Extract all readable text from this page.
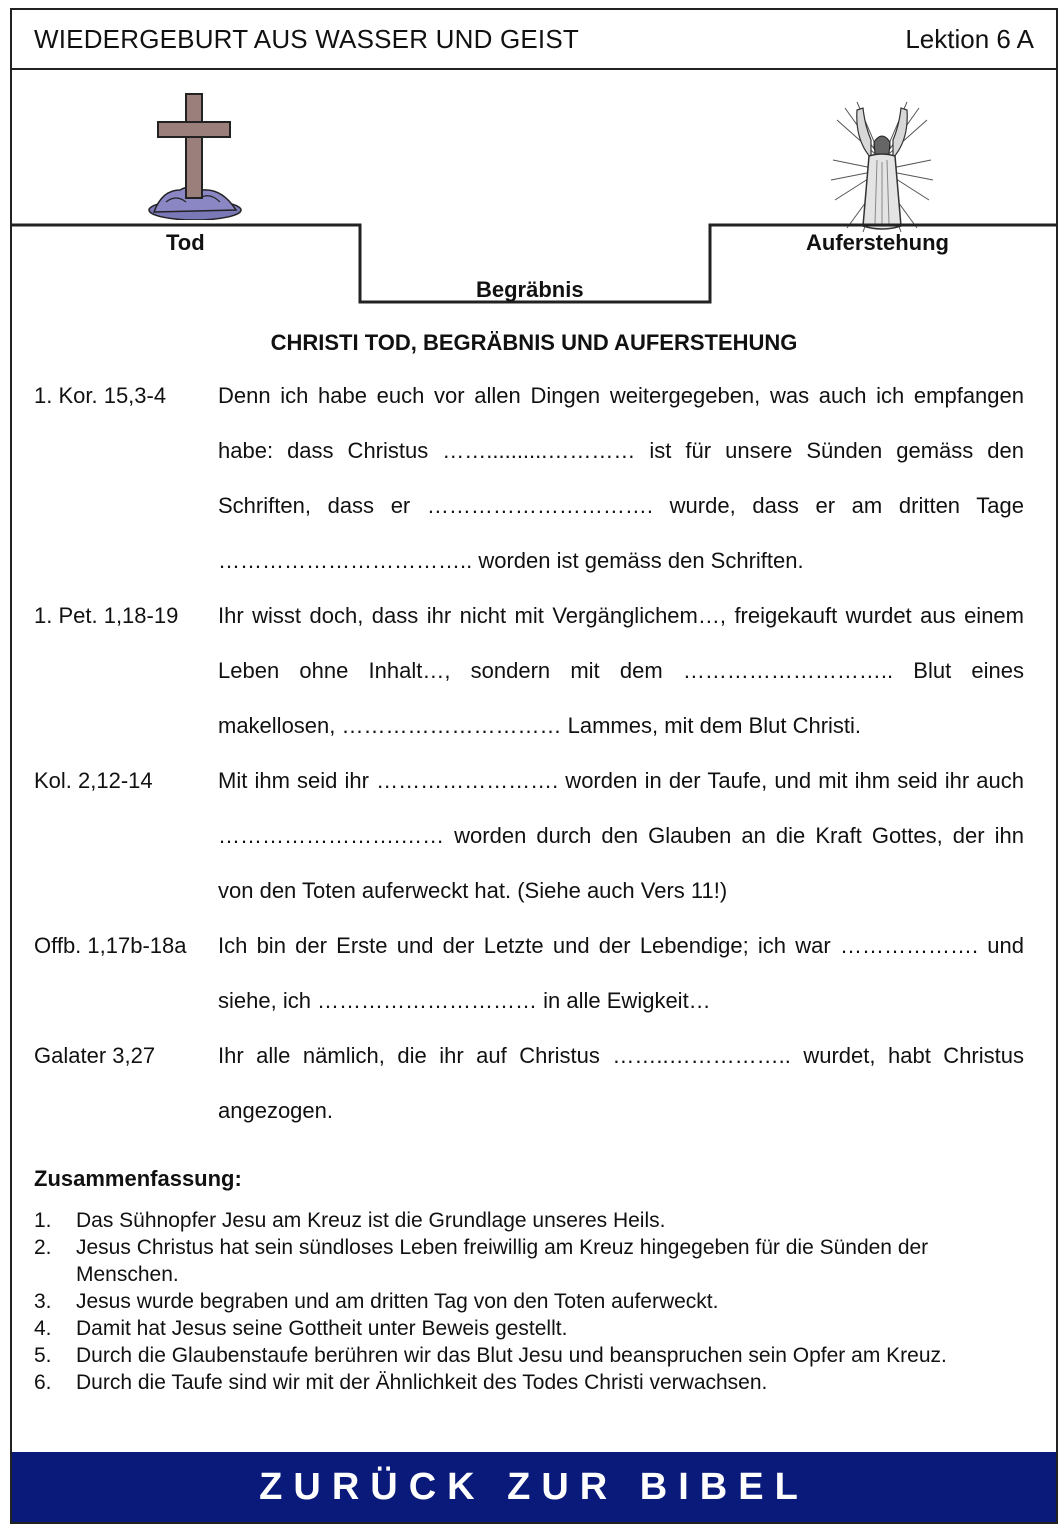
WIEDERGEBURT AUS WASSER UND GEIST	Lektion 6 A
Tod
Begräbnis
Auferstehung
CHRISTI TOD, BEGRÄBNIS UND AUFERSTEHUNG
1. Kor. 15,3-4 Denn ich habe euch vor allen Dingen weitergegeben, was auch ich empfangen habe: dass Christus ……..........………… ist für unsere Sünden gemäss den Schriften, dass er …………………………. wurde, dass er am dritten Tage …………………………….. worden ist gemäss den Schriften.
1. Pet. 1,18-19 Ihr wisst doch, dass ihr nicht mit Vergänglichem…, freigekauft wurdet aus einem Leben ohne Inhalt…, sondern mit dem ……………………….. Blut eines makellosen, ………………………… Lammes, mit dem Blut Christi.
Kol. 2,12-14	Mit ihm seid ihr ……………………. worden in der Taufe, und mit ihm seid ihr auch …………………….…… worden durch den Glauben an die Kraft Gottes, der ihn von den Toten auferweckt hat. (Siehe auch Vers 11!)
Offb. 1,17b-18a Ich bin der Erste und der Letzte und der Lebendige; ich war ………………. und siehe, ich ………………………… in alle Ewigkeit…
Galater 3,27	Ihr alle nämlich, die ihr auf Christus ……..…………….. wurdet, habt Christus angezogen.
Zusammenfassung:
1. Das Sühnopfer Jesu am Kreuz ist die Grundlage unseres Heils.
2. Jesus Christus hat sein sündloses Leben freiwillig am Kreuz hingegeben für die Sünden der Menschen.
3. Jesus wurde begraben und am dritten Tag von den Toten auferweckt.
4. Damit hat Jesus seine Gottheit unter Beweis gestellt.
5. Durch die Glaubenstaufe berühren wir das Blut Jesu und beanspruchen sein Opfer am Kreuz.
6. Durch die Taufe sind wir mit der Ähnlichkeit des Todes Christi verwachsen.
ZURÜCK ZUR BIBEL
